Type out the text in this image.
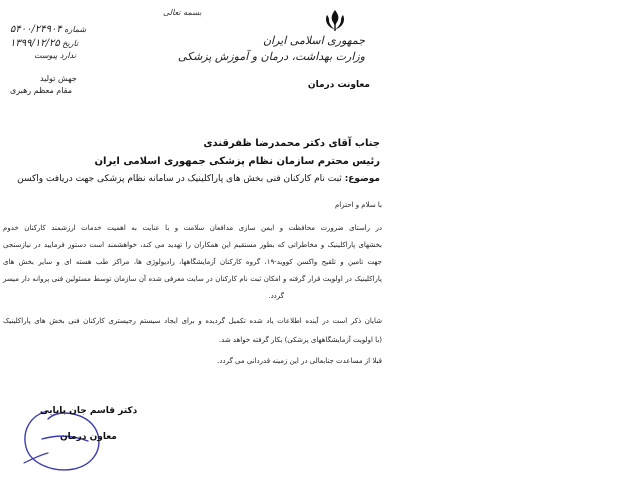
جمهوری اسلامی ایران
وزارت بهداشت، درمان و آموزش پزشکی
معاونت درمان
بسمه تعالی
۵۴۰۰/۲۴۹۰۴ شماره
۱۳۹۹/۱۲/۲۵ تاریخ
ندارد پیوست
جهش تولید
مقام معظم رهبری
جناب آقای دکتر محمدرضا ظفرقندی
رئیس محترم سازمان نظام پزشکی جمهوری اسلامی ایران
موضوع: ثبت نام کارکنان فنی بخش های پاراکلینیک در سامانه نظام پزشکی جهت دریافت واکسن
با سلام و احترام
در راستای ضرورت محافظت و ایمن سازی مدافعان سلامت و با عنایت به اهمیت خدمات ارزشمند کارکنان خدوم
بخشهای پاراکلینیک و مخاطراتی که بطور مستقیم این همکاران را تهدید می کند، خواهشمند است دستور فرمایید در نیازسنجی
جهت تامین و تلقیح واکسن کووید-۱۹، گروه کارکنان آزمایشگاهها، رادیولوژی ها، مراکز طب هسته ای و سایر بخش های
پاراکلینیک در اولویت قرار گرفته و امکان ثبت نام کارکنان در سایت معرفی شده آن سازمان توسط مسئولین فنی پروانه دار میسر
گردد.
شایان ذکر است در آینده اطلاعات یاد شده تکمیل گردیده و برای ایجاد سیستم رجیستری کارکنان فنی بخش های پاراکلینیک
(با اولویت آزمایشگاههای پزشکی) بکار گرفته خواهد شد.
قبلا از مساعدت جنابعالی در این زمینه قدردانی می گردد.
دکتر قاسم جان بابایی
معاون درمان
